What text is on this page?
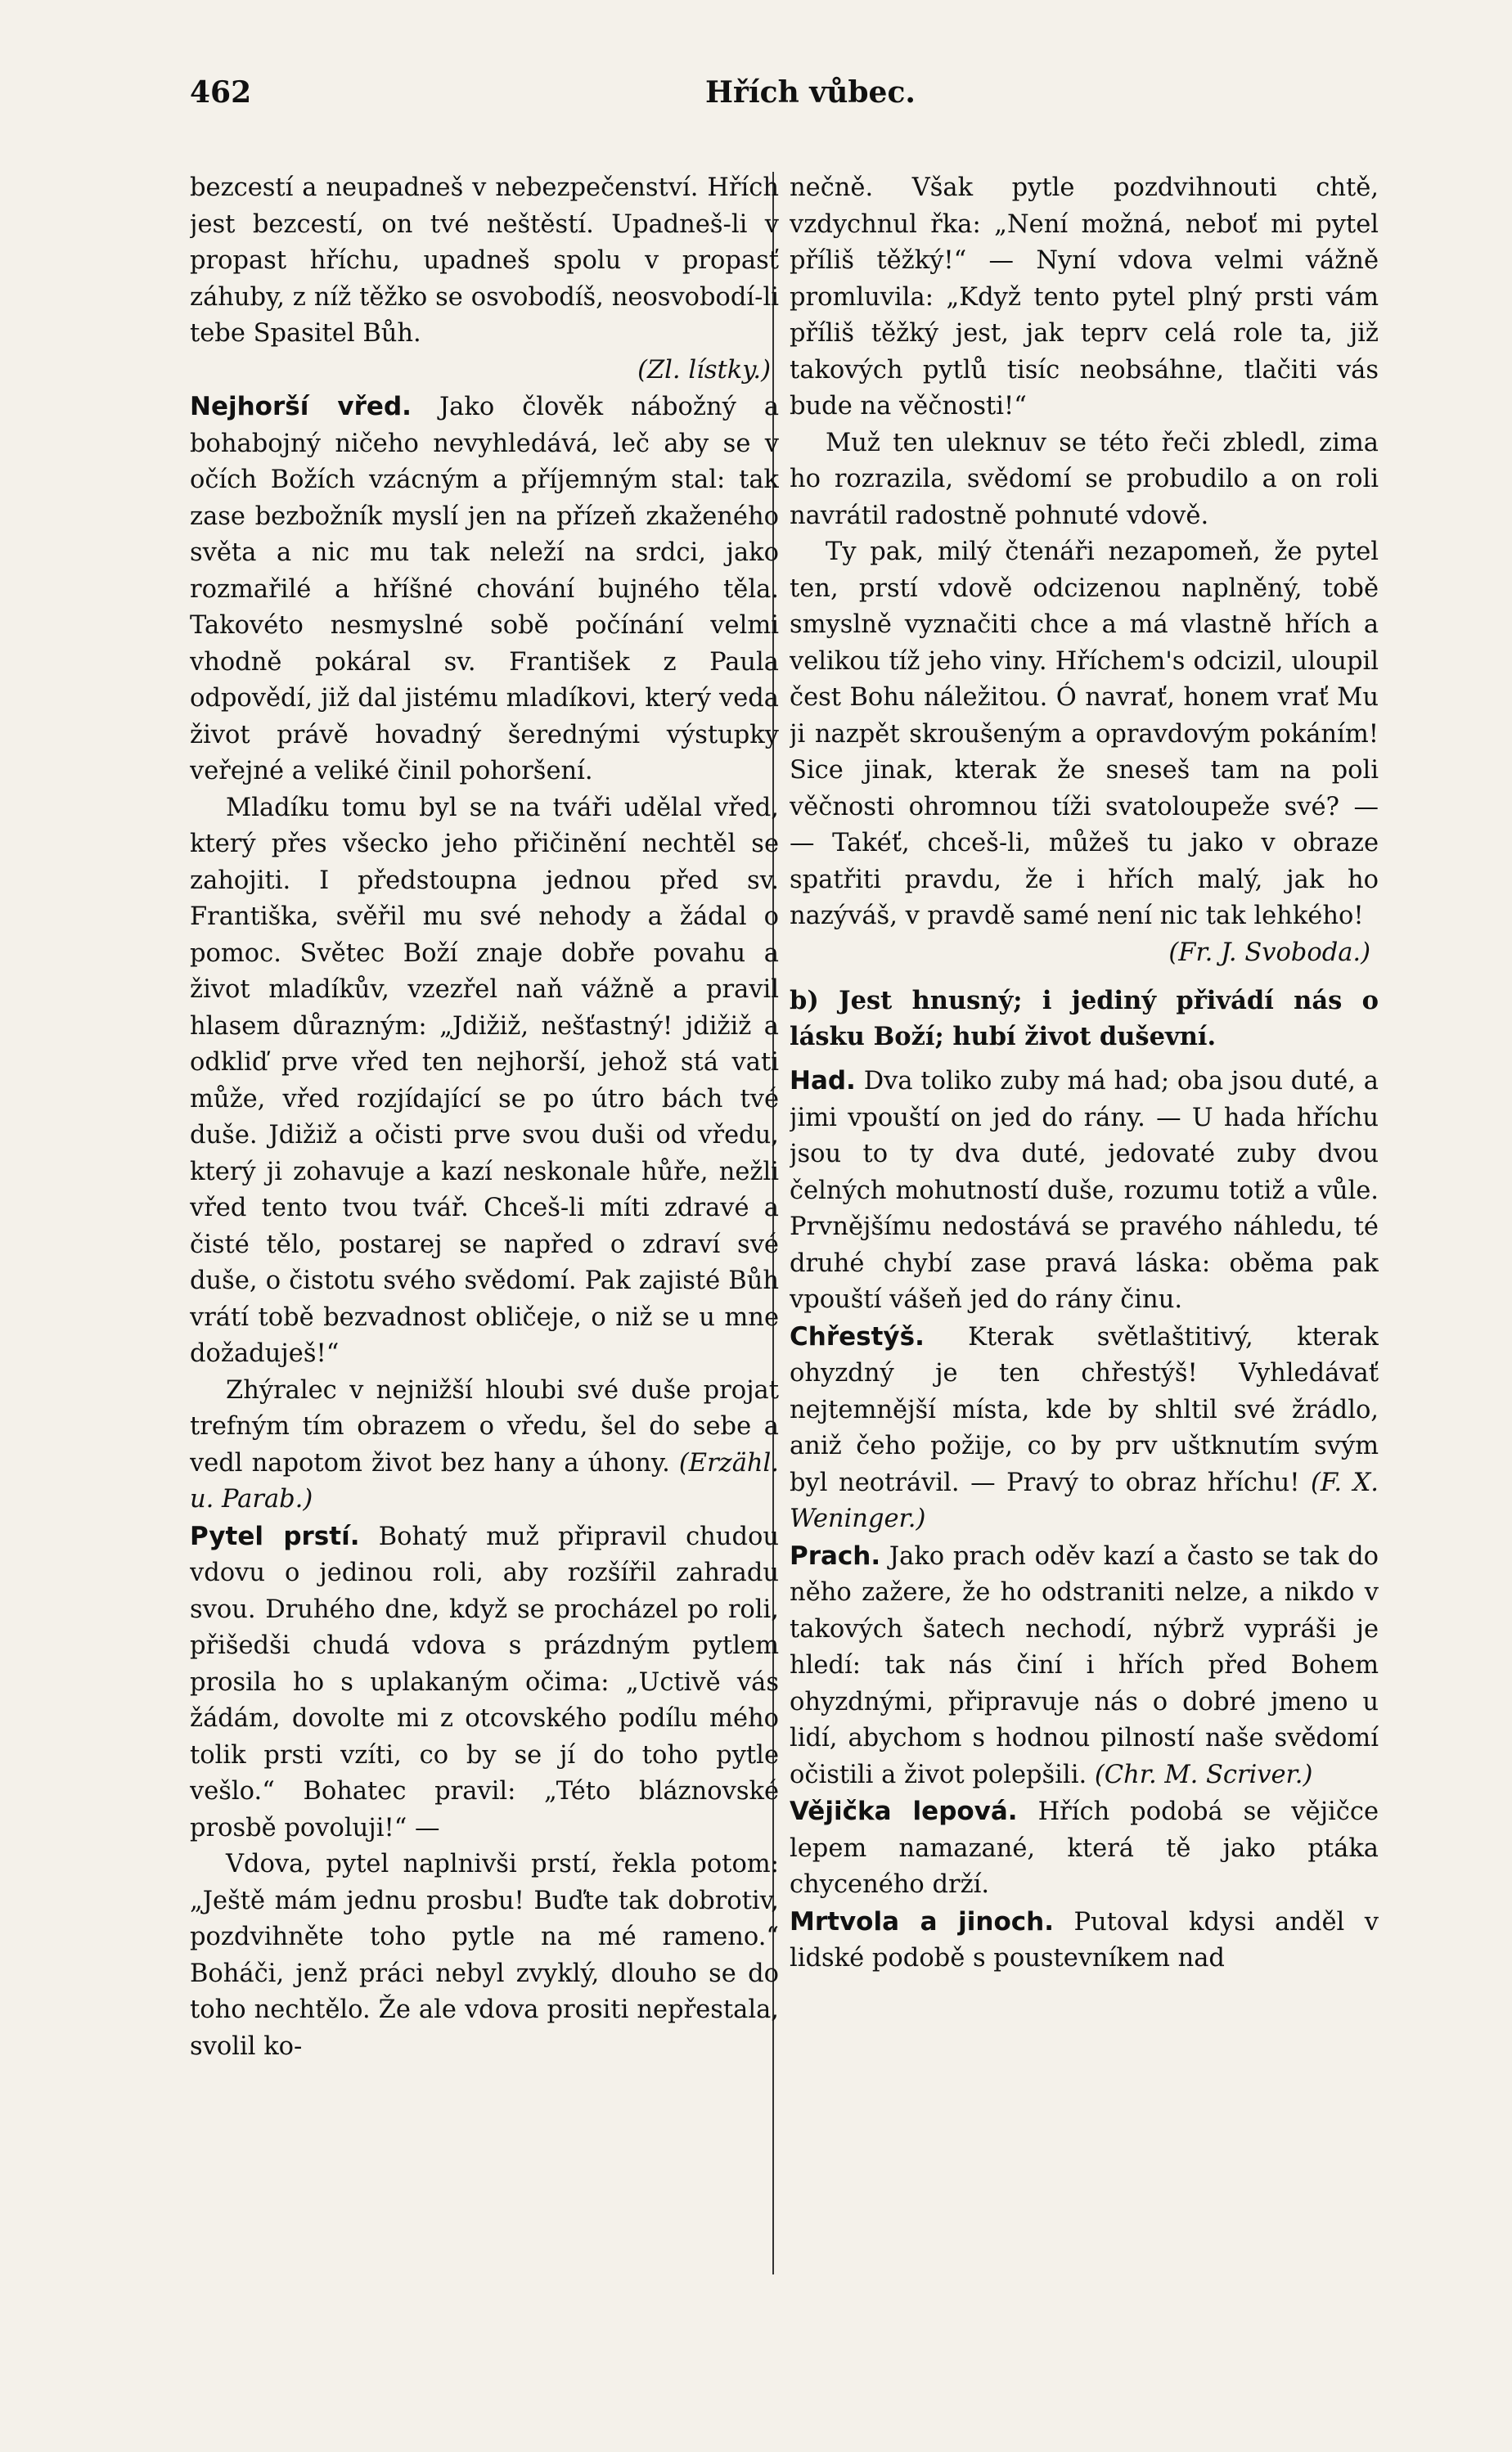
462	Hřích vůbec.

bezcestí a neupadneš v nebezpečenství. Hřích jest bezcestí, on tvé neštěstí. Upadneš-li v propast hříchu, upadneš spolu v propasť záhuby, z níž těžko se osvobodíš, neosvobodí-li tebe Spasitel Bůh.
(Zl. lístky.)

Nejhorší vřed. Jako člověk nábožný a bohabojný ničeho nevyhledává, leč aby se v očích Božích vzácným a příjemným stal: tak zase bezbožník myslí jen na přízeň zkaženého světa a nic mu tak neleží na srdci, jako rozmařilé a hříšné chování bujného těla. Takovéto nesmyslné sobě počínání velmi vhodně pokáral sv. František z Paula odpovědí, již dal jistému mladíkovi, který veda život právě hovadný šerednými výstupky veřejné a veliké činil pohoršení.

Mladíku tomu byl se na tváři udělal vřed, který přes všecko jeho přičinění nechtěl se zahojiti. I předstoupna jednou před sv. Františka, svěřil mu své nehody a žádal o pomoc. Světec Boží znaje dobře povahu a život mladíkův, vzezřel naň vážně a pravil hlasem důrazným: „Jdižiž, nešťastný! jdižiž a odkliď prve vřed ten nejhorší, jehož stá vati může, vřed rozjídající se po útro bách tvé duše. Jdižiž a očisti prve svou duši od vředu, který ji zohavuje a kazí neskonale hůře, nežli vřed tento tvou tvář. Chceš-li míti zdravé a čisté tělo, postarej se napřed o zdraví své duše, o čistotu svého svědomí. Pak zajisté Bůh vrátí tobě bezvadnost obličeje, o niž se u mne dožaduješ!“

Zhýralec v nejnižší hloubi své duše projat trefným tím obrazem o vředu, šel do sebe a vedl napotom život bez hany a úhony. (Erzähl. u. Parab.)

Pytel prstí. Bohatý muž připravil chudou vdovu o jedinou roli, aby rozšířil zahradu svou. Druhého dne, když se procházel po roli, přišedši chudá vdova s prázdným pytlem prosila ho s uplakaným očima: „Uctivě vás žádám, dovolte mi z otcovského podílu mého tolik prsti vzíti, co by se jí do toho pytle vešlo.“ Bohatec pravil: „Této bláznovské prosbě povoluji!“ —

Vdova, pytel naplnivši prstí, řekla potom: „Ještě mám jednu prosbu! Buďte tak dobrotiv, pozdvihněte toho pytle na mé rameno.“ Boháči, jenž práci nebyl zvyklý, dlouho se do toho nechtělo. Že ale vdova prositi nepřestala, svolil ko-

nečně. Však pytle pozdvihnouti chtě, vzdychnul řka: „Není možná, neboť mi pytel příliš těžký!“ — Nyní vdova velmi vážně promluvila: „Když tento pytel plný prsti vám příliš těžký jest, jak teprv celá role ta, již takových pytlů tisíc neobsáhne, tlačiti vás bude na věčnosti!“

Muž ten uleknuv se této řeči zbledl, zima ho rozrazila, svědomí se probudilo a on roli navrátil radostně pohnuté vdově.

Ty pak, milý čtenáři nezapomeň, že pytel ten, prstí vdově odcizenou naplněný, tobě smyslně vyznačiti chce a má vlastně hřích a velikou tíž jeho viny. Hříchem's odcizil, uloupil čest Bohu náležitou. Ó navrať, honem vrať Mu ji nazpět skroušeným a opravdovým pokáním! Sice jinak, kterak že sneseš tam na poli věčnosti ohromnou tíži svatoloupeže své? — — Takéť, chceš-li, můžeš tu jako v obraze spatřiti pravdu, že i hřích malý, jak ho nazýváš, v pravdě samé není nic tak lehkého!
(Fr. J. Svoboda.)

b) Jest hnusný; i jediný přivádí nás o lásku Boží; hubí život duševní.

Had. Dva toliko zuby má had; oba jsou duté, a jimi vpouští on jed do rány. — U hada hříchu jsou to ty dva duté, jedovaté zuby dvou čelných mohutností duše, rozumu totiž a vůle. Prvnějšímu nedostává se pravého náhledu, té druhé chybí zase pravá láska: oběma pak vpouští vášeň jed do rány činu.

Chřestýš. Kterak světlaštitivý, kterak ohyzdný je ten chřestýš! Vyhledávať nejtemnější místa, kde by shltil své žrádlo, aniž čeho požije, co by prv uštknutím svým byl neotrávil. — Pravý to obraz hříchu! (F. X. Weninger.)

Prach. Jako prach oděv kazí a často se tak do něho zažere, že ho odstraniti nelze, a nikdo v takových šatech nechodí, nýbrž vypráši je hledí: tak nás činí i hřích před Bohem ohyzdnými, připravuje nás o dobré jmeno u lidí, abychom s hodnou pilností naše svědomí očistili a život polepšili. (Chr. M. Scriver.)

Vějička lepová. Hřích podobá se vějičce lepem namazané, která tě jako ptáka chyceného drží.

Mrtvola a jinoch. Putoval kdysi anděl v lidské podobě s poustevníkem nad
